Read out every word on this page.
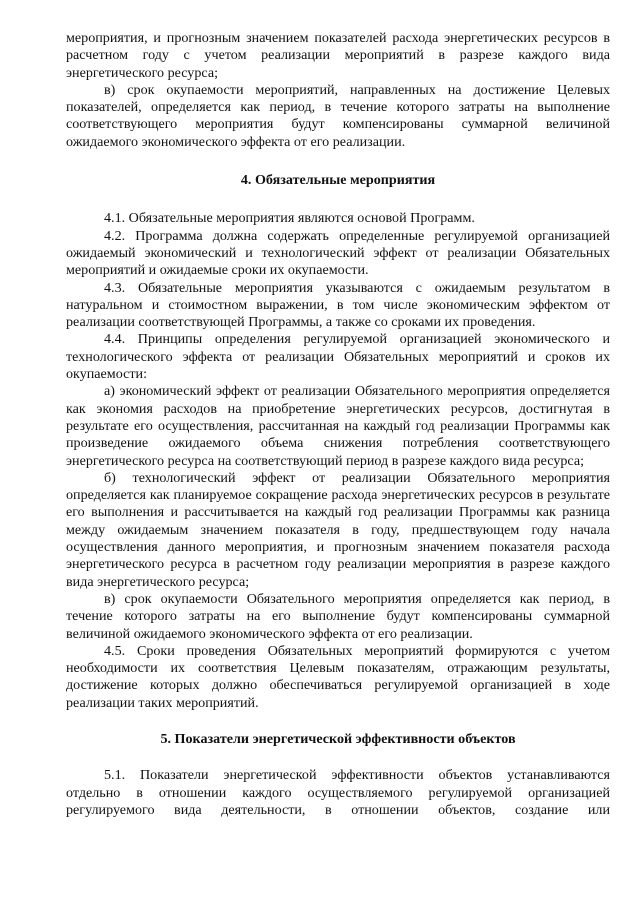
мероприятия, и прогнозным значением показателей расхода энергетических ресурсов в расчетном году с учетом реализации мероприятий в разрезе каждого вида энергетического ресурса;

в) срок окупаемости мероприятий, направленных на достижение Целевых показателей, определяется как период, в течение которого затраты на выполнение соответствующего мероприятия будут компенсированы суммарной величиной ожидаемого экономического эффекта от его реализации.

4. Обязательные мероприятия

4.1. Обязательные мероприятия являются основой Программ.

4.2. Программа должна содержать определенные регулируемой организацией ожидаемый экономический и технологический эффект от реализации Обязательных мероприятий и ожидаемые сроки их окупаемости.

4.3. Обязательные мероприятия указываются с ожидаемым результатом в натуральном и стоимостном выражении, в том числе экономическим эффектом от реализации соответствующей Программы, а также со сроками их проведения.

4.4. Принципы определения регулируемой организацией экономического и технологического эффекта от реализации Обязательных мероприятий и сроков их окупаемости:

а) экономический эффект от реализации Обязательного мероприятия определяется как экономия расходов на приобретение энергетических ресурсов, достигнутая в результате его осуществления, рассчитанная на каждый год реализации Программы как произведение ожидаемого объема снижения потребления соответствующего энергетического ресурса на соответствующий период в разрезе каждого вида ресурса;

б) технологический эффект от реализации Обязательного мероприятия определяется как планируемое сокращение расхода энергетических ресурсов в результате его выполнения и рассчитывается на каждый год реализации Программы как разница между ожидаемым значением показателя в году, предшествующем году начала осуществления данного мероприятия, и прогнозным значением показателя расхода энергетического ресурса в расчетном году реализации мероприятия в разрезе каждого вида энергетического ресурса;

в) срок окупаемости Обязательного мероприятия определяется как период, в течение которого затраты на его выполнение будут компенсированы суммарной величиной ожидаемого экономического эффекта от его реализации.

4.5. Сроки проведения Обязательных мероприятий формируются с учетом необходимости их соответствия Целевым показателям, отражающим результаты, достижение которых должно обеспечиваться регулируемой организацией в ходе реализации таких мероприятий.

5. Показатели энергетической эффективности объектов

5.1. Показатели энергетической эффективности объектов устанавливаются отдельно в отношении каждого осуществляемого регулируемой организацией регулируемого вида деятельности, в отношении объектов, создание или
